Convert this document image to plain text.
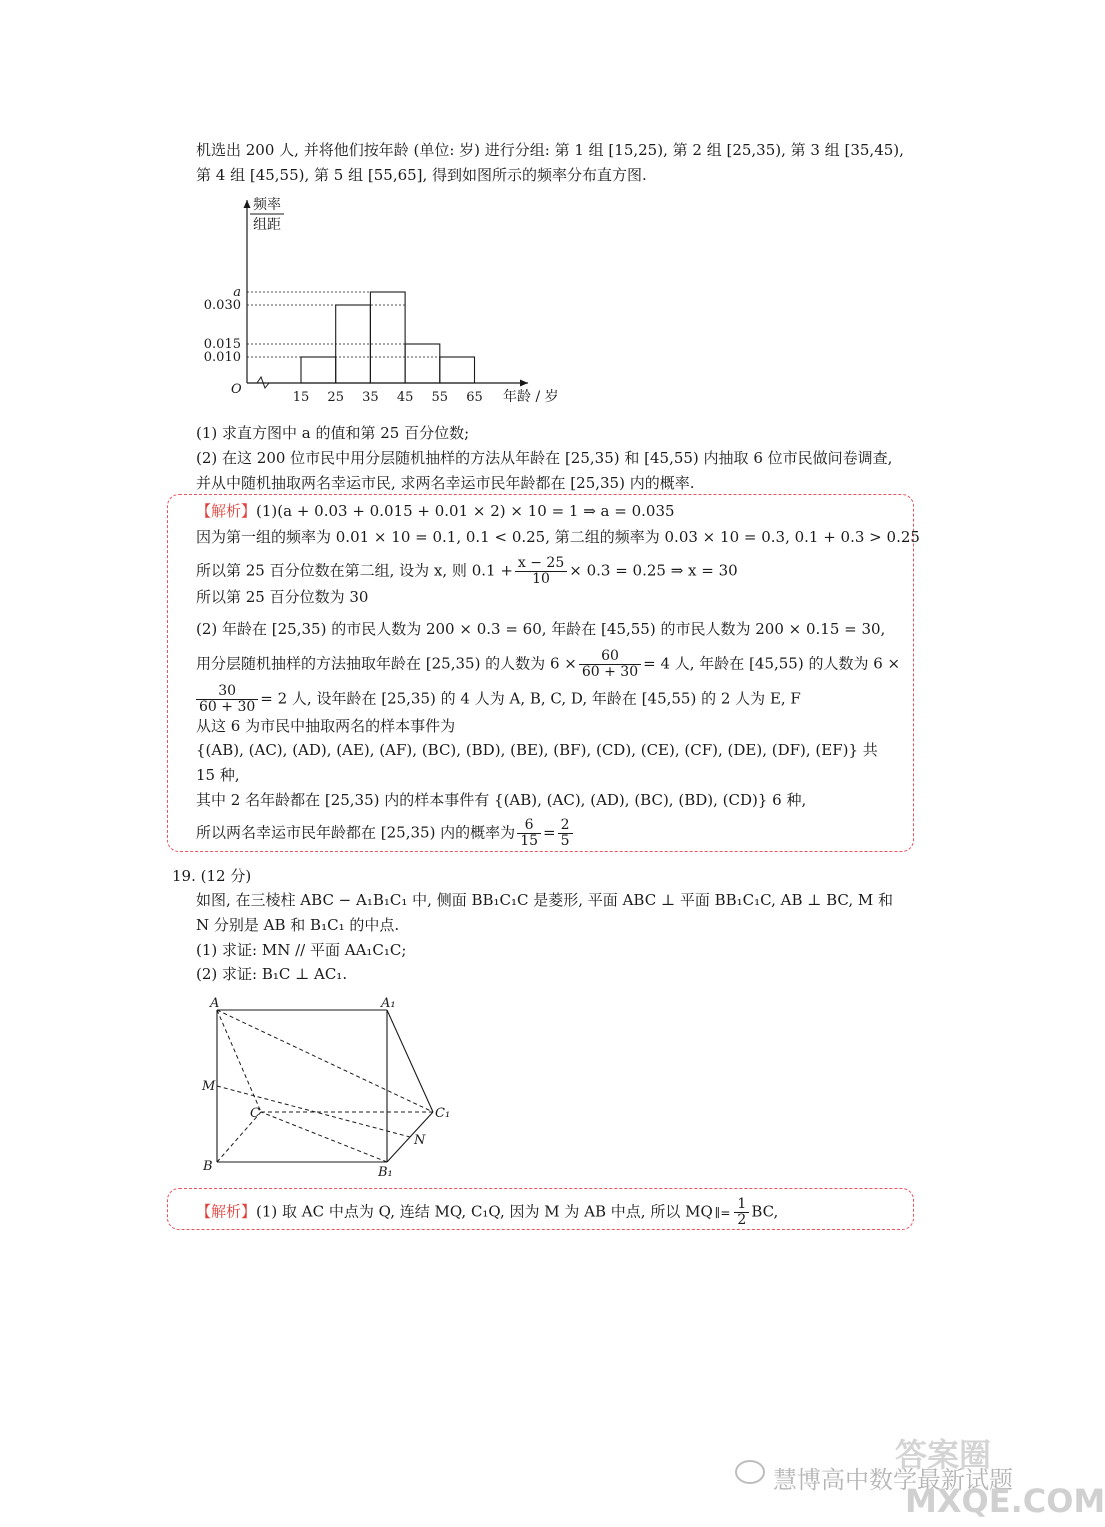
机选出 200 人, 并将他们按年龄 (单位: 岁) 进行分组: 第 1 组 [15,25), 第 2 组 [25,35), 第 3 组 [35,45),
第 4 组 [45,55), 第 5 组 [55,65], 得到如图所示的频率分布直方图.
0.010
0.015
0.030
a
15 25 35 45 55 65
O	年龄 / 岁
频率
组距
(1) 求直方图中 a 的值和第 25 百分位数;
(2) 在这 200 位市民中用分层随机抽样的方法从年龄在 [25,35) 和 [45,55) 内抽取 6 位市民做问卷调查,
并从中随机抽取两名幸运市民, 求两名幸运市民年龄都在 [25,35) 内的概率.
【解析】(1)(a + 0.03 + 0.015 + 0.01 × 2) × 10 = 1 ⇒ a = 0.035
因为第一组的频率为 0.01 × 10 = 0.1, 0.1 < 0.25, 第二组的频率为 0.03 × 10 = 0.3, 0.1 + 0.3 > 0.25
所以第 25 百分位数在第二组, 设为 x, 则 $0.1 + \frac{x - 25}{10} \times 0.3 = 0.25$ ⇒ x = 30
所以第 25 百分位数为 30
(2) 年龄在 [25,35) 的市民人数为 200 × 0.3 = 60, 年龄在 [45,55) 的市民人数为 200 × 0.15 = 30,
用分层随机抽样的方法抽取年龄在 [25,35) 的人数为 $6 \times \frac{60}{60 + 30} = 4$ 人, 年龄在 [45,55) 的人数为 6 ×
$\frac{30}{60 + 30} = 2$ 人, 设年龄在 [25,35) 的 4 人为 A, B, C, D, 年龄在 [45,55) 的 2 人为 E, F
从这 6 为市民中抽取两名的样本事件为
{(AB), (AC), (AD), (AE), (AF), (BC), (BD), (BE), (BF), (CD), (CE), (CF), (DE), (DF), (EF)} 共
15 种,
其中 2 名年龄都在 [25,35) 内的样本事件有 {(AB), (AC), (AD), (BC), (BD), (CD)} 6 种,
所以两名幸运市民年龄都在 [25,35) 内的概率为 $\frac{6}{15} = \frac{2}{5}$
19. (12 分)
如图, 在三棱柱 ABC − A₁B₁C₁ 中, 侧面 BB₁C₁C 是菱形, 平面 ABC ⊥ 平面 BB₁C₁C, AB ⊥ BC, M 和
N 分别是 AB 和 B₁C₁ 的中点.
(1) 求证: MN // 平面 AA₁C₁C;
(2) 求证: B₁C ⊥ AC₁.
A	A₁
M
C	C₁
N
B	B₁
【解析】(1) 取 AC 中点为 Q, 连结 MQ, C₁Q, 因为 M 为 AB 中点, 所以 MQ ∥= $\frac{1}{2}$ BC,
慧博高中数学最新试题
答案圈
MXQE.COM
